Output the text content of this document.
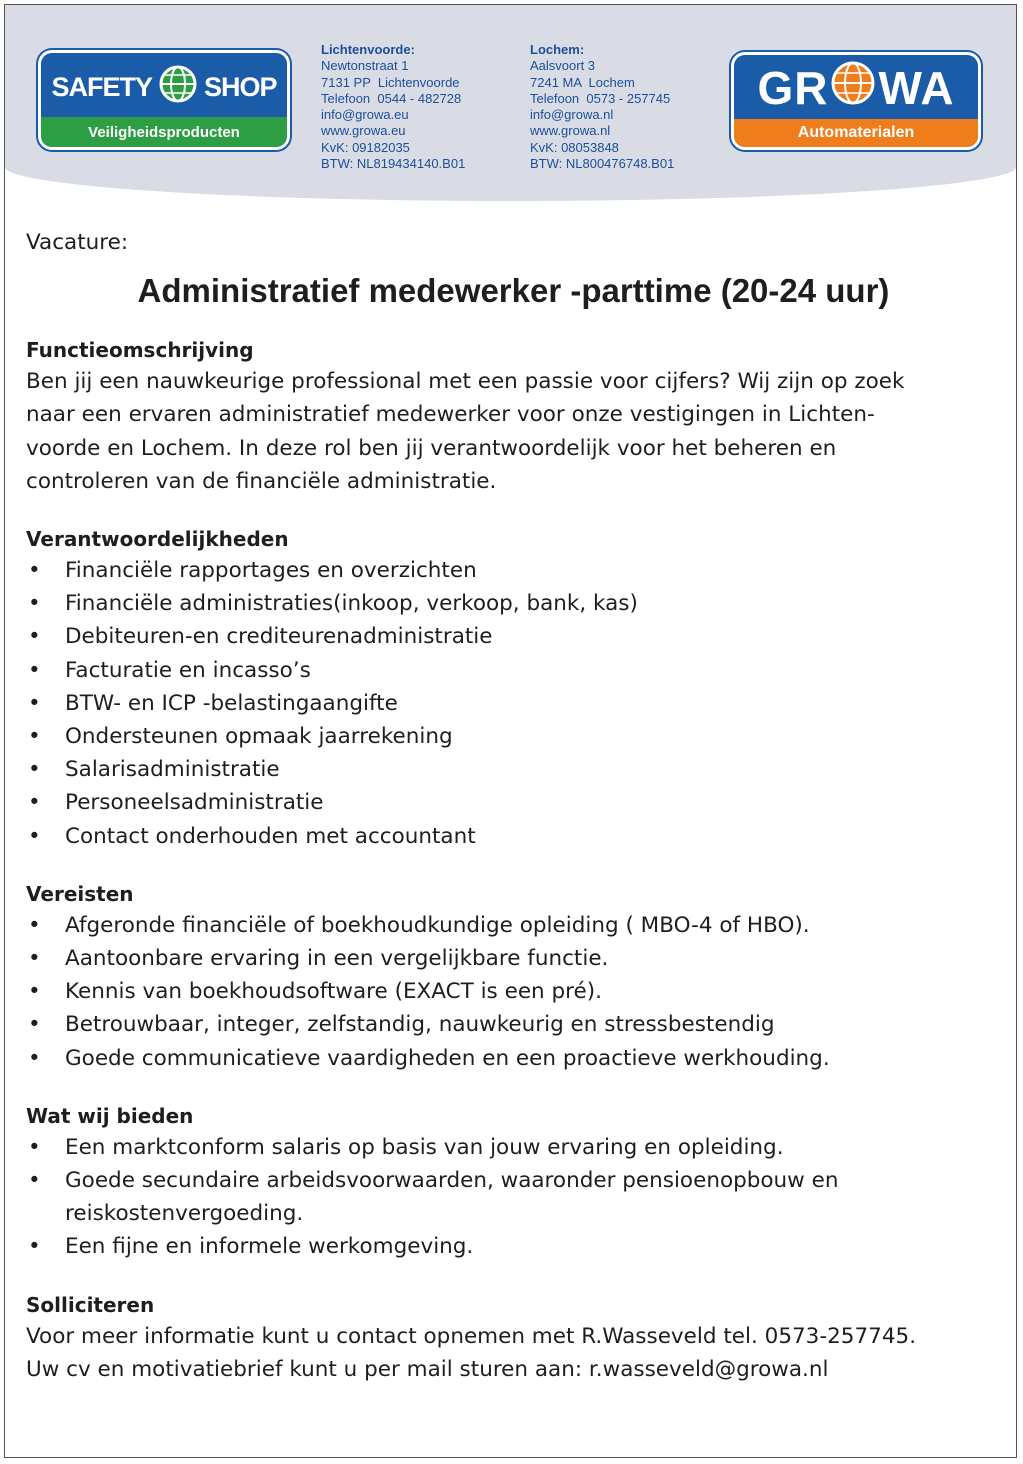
SAFETY SHOP
Veiligheidsproducten
Lichtenvoorde:
Newtonstraat 1
7131 PP  Lichtenvoorde
Telefoon  0544 - 482728
info@growa.eu
www.growa.eu
KvK: 09182035
BTW: NL819434140.B01
Lochem:
Aalsvoort 3
7241 MA  Lochem
Telefoon  0573 - 257745
info@growa.nl
www.growa.nl
KvK: 08053848
BTW: NL800476748.B01
GR WA
Automaterialen

Vacature:

Administratief medewerker -parttime (20-24 uur)
Functieomschrijving

Ben jij een nauwkeurige professional met een passie voor cijfers? Wij zijn op zoek

naar een ervaren administratief medewerker voor onze vestigingen in Lichten-

voorde en Lochem. In deze rol ben jij verantwoordelijk voor het beheren en

controleren van de financiële administratie.

Verantwoordelijkheden
• Financiële rapportages en overzichten
• Financiële administraties(inkoop, verkoop, bank, kas)
• Debiteuren-en crediteurenadministratie
• Facturatie en incasso’s
• BTW- en ICP -belastingaangifte
• Ondersteunen opmaak jaarrekening
• Salarisadministratie
• Personeelsadministratie
• Contact onderhouden met accountant
Vereisten
• Afgeronde financiële of boekhoudkundige opleiding ( MBO-4 of HBO).
• Aantoonbare ervaring in een vergelijkbare functie.
• Kennis van boekhoudsoftware (EXACT is een pré).
• Betrouwbaar, integer, zelfstandig, nauwkeurig en stressbestendig
• Goede communicatieve vaardigheden en een proactieve werkhouding.
Wat wij bieden
• Een marktconform salaris op basis van jouw ervaring en opleiding.
• Goede secundaire arbeidsvoorwaarden, waaronder pensioenopbouw en reiskostenvergoeding.
• Een fijne en informele werkomgeving.
Solliciteren

Voor meer informatie kunt u contact opnemen met R.Wasseveld tel. 0573-257745.

Uw cv en motivatiebrief kunt u per mail sturen aan: r.wasseveld@growa.nl
